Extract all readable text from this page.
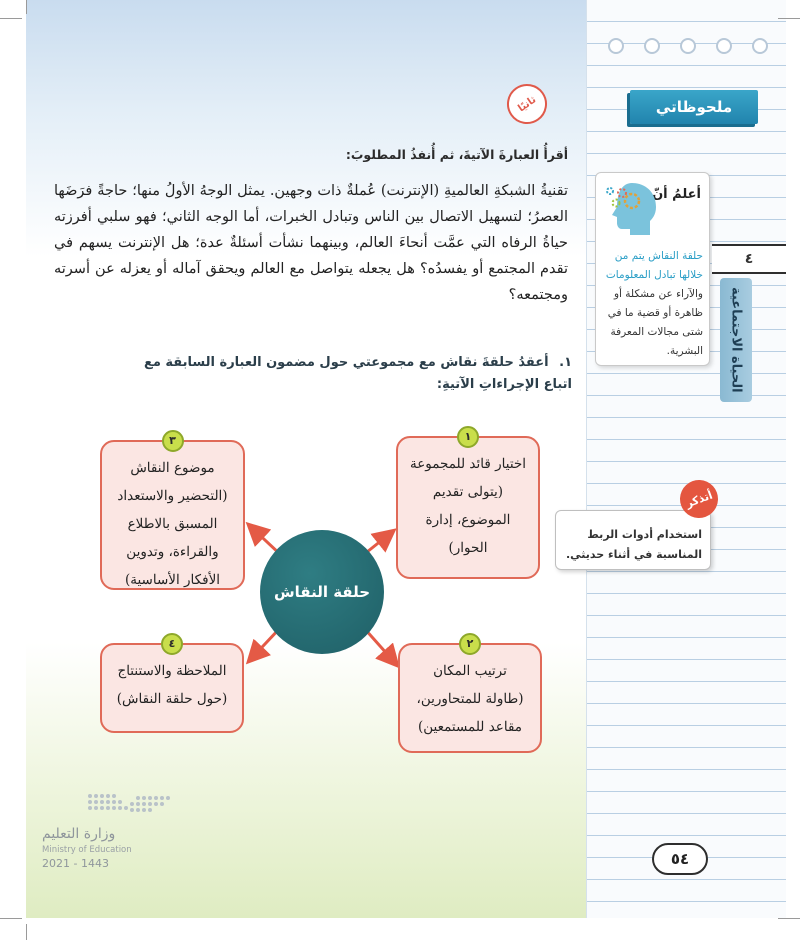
ملحوظاتي
ثانيًا
أقرأُ العبارةَ الآتيةَ، ثم أُنفذُ المطلوبَ:
تقنيةُ الشبكةِ العالميةِ (الإنترنت) عُملةٌ ذات وجهين. يمثل الوجهُ الأولُ منها؛ حاجةً فرَضَها العصرُ؛ لتسهيل الاتصال بين الناس وتبادل الخبرات، أما الوجه الثاني؛ فهو سلبي أفرزته حياةُ الرفاه التي عمَّت أنحاءَ العالم، وبينهما نشأت أسئلةٌ عدة؛ هل الإنترنت يسهم في تقدم المجتمع أو يفسدُه؟ هل يجعله يتواصل مع العالم ويحقق آماله أو يعزله عن أسرته ومجتمعه؟
١. أعقدُ حلقةَ نقاش مع مجموعتي حول مضمون العبارة السابقة مع اتباع الإجراءاتِ الآتيةِ:
أعلمُ أنّ
حلقة النقاش يتم من خلالها تبادل المعلومات والآراء عن مشكلة أو ظاهرة أو قضية ما في شتى مجالات المعرفة البشرية.
٤
الحياة الاجتماعية
استخدام أدوات الربط المناسبة في أثناء حديثي.
أتذكر
حلقة النقاش
١
اختيار قائد للمجموعة
(يتولى تقديم
الموضوع، إدارة
الحوار)
٣
موضوع النقاش
(التحضير والاستعداد
المسبق بالاطلاع
والقراءة، وتدوين
الأفكار الأساسية)
٢
ترتيب المكان
(طاولة للمتحاورين،
مقاعد للمستمعين)
٤
الملاحظة والاستنتاج
(حول حلقة النقاش)
وزارة التعليم
Ministry of Education
2021 - 1443	٥٤
